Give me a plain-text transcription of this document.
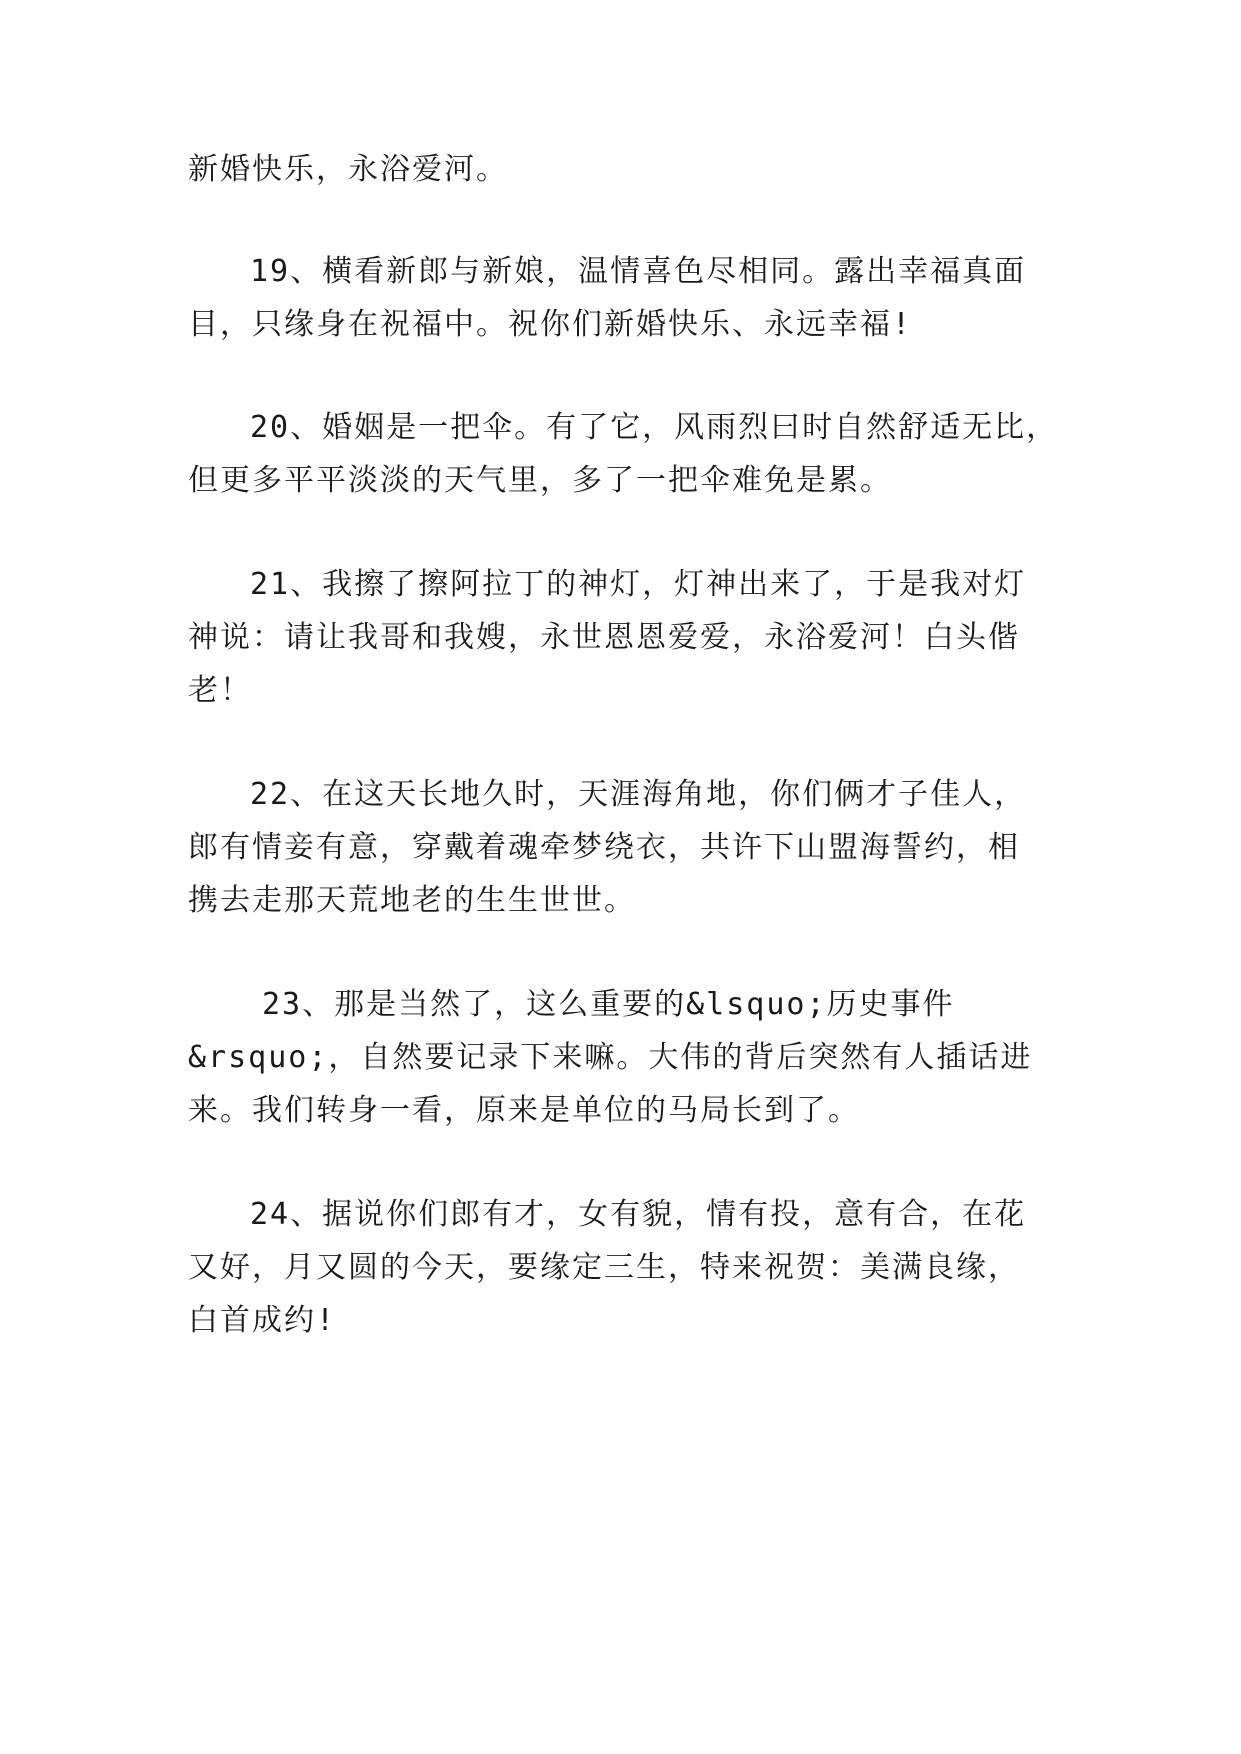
新婚快乐，永浴爱河。
19、横看新郎与新娘，温情喜色尽相同。露出幸福真面
目，只缘身在祝福中。祝你们新婚快乐、永远幸福!
20、婚姻是一把伞。有了它，风雨烈曰时自然舒适无比，
但更多平平淡淡的天气里，多了一把伞难免是累。
21、我擦了擦阿拉丁的神灯，灯神出来了，于是我对灯
神说：请让我哥和我嫂，永世恩恩爱爱，永浴爱河！白头偕
老！
22、在这天长地久时，天涯海角地，你们俩才子佳人，
郎有情妾有意，穿戴着魂牵梦绕衣，共许下山盟海誓约，相
携去走那天荒地老的生生世世。
23、那是当然了，这么重要的&lsquo;历史事件
&rsquo;，自然要记录下来嘛。大伟的背后突然有人插话进
来。我们转身一看，原来是单位的马局长到了。
24、据说你们郎有才，女有貌，情有投，意有合，在花
又好，月又圆的今天，要缘定三生，特来祝贺：美满良缘，
白首成约!
